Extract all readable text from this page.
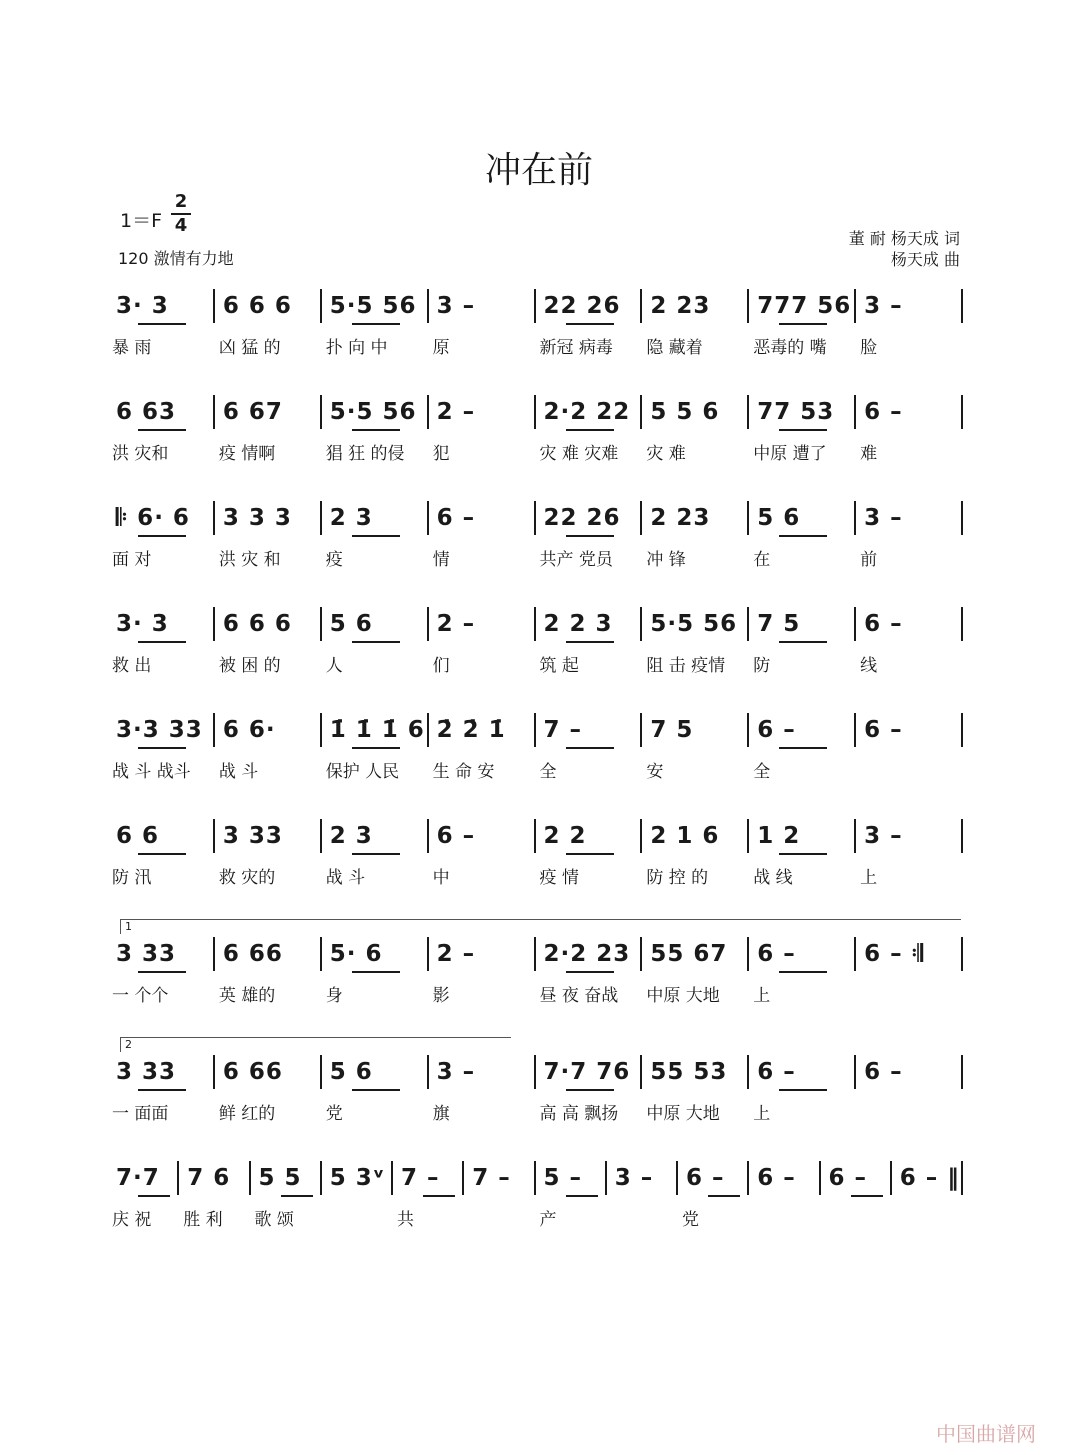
冲在前
1＝F
2
4
120 激情有力地
董 耐 杨天成 词
杨天成 曲
3· 3 6 6 6 5·5 56 3 –	22 26 2 23 777 56 3 –
暴 雨	凶 猛 的	扑 向 中	原	新冠 病毒 隐 藏着	恶毒的 嘴 脸
6 63 6 67 5·5 56 2 –	2·2 22 5 5 6 77 53 6 –
洪 灾和	疫 情啊	猖 狂 的侵 犯	灾 难 灾难 灾 难	中原 遭了 难
𝄆 6· 6 3 3 3 2 3	6 –	22 26 2 23 5 6	3 –
面 对	洪 灾 和	疫	情	共产 党员 冲 锋	在	前
3· 3 6 6 6 5 6	2 –	2 2 3 5·5 56 7 5	6 –
救 出	被 困 的	人	们	筑 起	阻 击 疫情 防	线
3·3 33 6 6· 1̇ 1̇ 1̇ 6 2̇ 2̇ 1̇ 7 –	7 5	6 –	6 –
战 斗 战斗 战 斗	保护 人民 生 命 安	全	安	全
6 6	3 33 2 3	6 –	2 2	2 1 6 1 2	3 –
防 汛	救 灾的	战 斗	中	疫 情	防 控 的	战 线	上
1
3 33 6 66 5· 6 2 –	2·2 23 55 67 6 –	6 – 𝄇
一 个个	英 雄的	身	影	昼 夜 奋战 中原 大地 上
2
3 33 6 66 5 6	3 –	7·7 76 55 53 6 –	6 –
一 面面	鲜 红的	党	旗	高 高 飘扬 中原 大地 上
7·7 7 6 5 5 5 3ᵛ 7 – 7 – 5 – 3 – 6 – 6 – 6 – 6 – ‖
庆 祝 胜 利 歌 颂	共	产	党
中国曲谱网
